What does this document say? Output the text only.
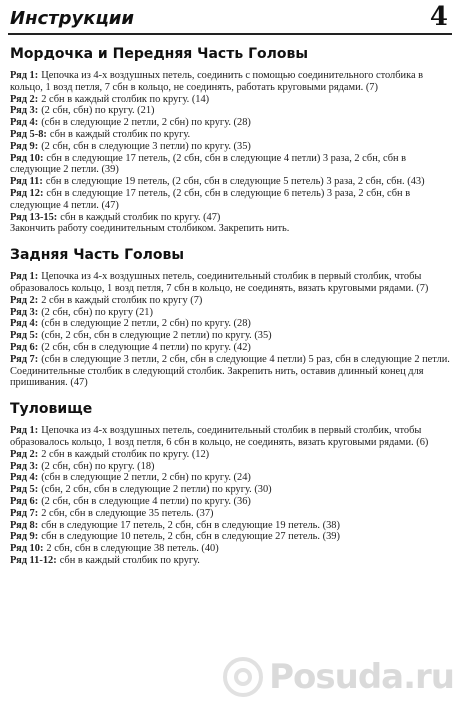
Инструкции	4
Мордочка и Передняя Часть Головы

Ряд 1: Цепочка из 4-х воздушных петель, соединить с помощью соединительного столбика в кольцо, 1 возд петля, 7 сбн в кольцо, не соединять, работать круговыми рядами. (7)

Ряд 2: 2 сбн в каждый столбик по кругу. (14)

Ряд 3: (2 сбн, сбн) по кругу. (21)

Ряд 4: (сбн в следующие 2 петли, 2 сбн) по кругу. (28)

Ряд 5-8: сбн в каждый столбик по кругу.

Ряд 9: (2 сбн, сбн в следующие 3 петли) по кругу. (35)

Ряд 10: сбн в следующие 17 петель, (2 сбн, сбн в следующие 4 петли) 3 раза, 2 сбн, сбн в следующие 2 петли. (39)

Ряд 11: сбн в следующие 19 петель, (2 сбн, сбн в следующие 5 петель) 3 раза, 2 сбн, сбн. (43)

Ряд 12: сбн в следующие 17 петель, (2 сбн, сбн в следующие 6 петель) 3 раза, 2 сбн, сбн в следующие 4 петли. (47)

Ряд 13-15: сбн в каждый столбик по кругу. (47)

Закончить работу соединительным столбиком. Закрепить нить.

Задняя Часть Головы

Ряд 1: Цепочка из 4-х воздушных петель, соединительный столбик в первый столбик, чтобы образовалось кольцо, 1 возд петля, 7 сбн в кольцо, не соединять, вязать круговыми рядами. (7)

Ряд 2: 2 сбн в каждый столбик по кругу (7)

Ряд 3: (2 сбн, сбн) по кругу (21)

Ряд 4: (сбн в следующие 2 петли, 2 сбн) по кругу. (28)

Ряд 5: (сбн, 2 сбн, сбн в следующие 2 петли) по кругу. (35)

Ряд 6: (2 сбн, сбн в следующие 4 петли) по кругу. (42)

Ряд 7: (сбн в следующие 3 петли, 2 сбн, сбн в следующие 4 петли) 5 раз, сбн в следующие 2 петли. Соединительные столбик в следующий столбик. Закрепить нить, оставив длинный конец для пришивания. (47)

Туловище

Ряд 1: Цепочка из 4-х воздушных петель, соединительный столбик в первый столбик, чтобы образовалось кольцо, 1 возд петля, 6 сбн в кольцо, не соединять, вязать круговыми рядами. (6)

Ряд 2: 2 сбн в каждый столбик по кругу. (12)

Ряд 3: (2 сбн, сбн) по кругу. (18)

Ряд 4: (сбн в следующие 2 петли, 2 сбн) по кругу. (24)

Ряд 5: (сбн, 2 сбн, сбн в следующие 2 петли) по кругу. (30)

Ряд 6: (2 сбн, сбн в следующие 4 петли) по кругу. (36)

Ряд 7: 2 сбн, сбн в следующие 35 петель. (37)

Ряд 8: сбн в следующие 17 петель, 2 сбн, сбн в следующие 19 петель. (38)

Ряд 9: сбн в следующие 10 петель, 2 сбн, сбн в следующие 27 петель. (39)

Ряд 10: 2 сбн, сбн в следующие 38 петель. (40)

Ряд 11-12: сбн в каждый столбик по кругу.

Posuda.ru
